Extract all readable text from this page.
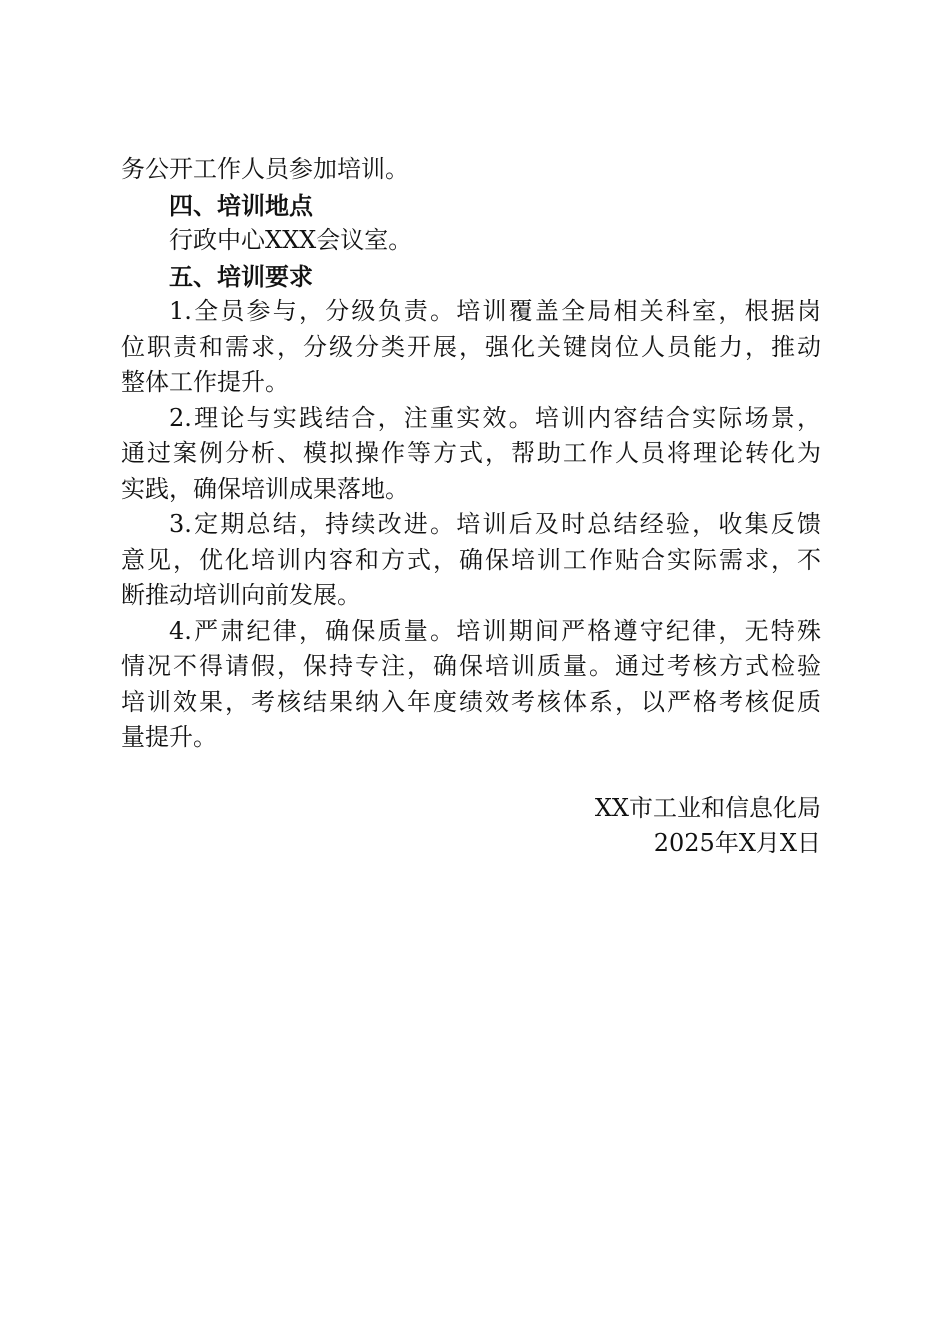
务公开工作人员参加培训。
四、培训地点
行政中心XXX会议室。
五、培训要求
1.全员参与，分级负责。培训覆盖全局相关科室，根据岗
位职责和需求，分级分类开展，强化关键岗位人员能力，推动
整体工作提升。
2.理论与实践结合，注重实效。培训内容结合实际场景，
通过案例分析、模拟操作等方式，帮助工作人员将理论转化为
实践，确保培训成果落地。
3.定期总结，持续改进。培训后及时总结经验，收集反馈
意见，优化培训内容和方式，确保培训工作贴合实际需求，不
断推动培训向前发展。
4.严肃纪律，确保质量。培训期间严格遵守纪律，无特殊
情况不得请假，保持专注，确保培训质量。通过考核方式检验
培训效果，考核结果纳入年度绩效考核体系，以严格考核促质
量提升。
XX市工业和信息化局
2025年X月X日
